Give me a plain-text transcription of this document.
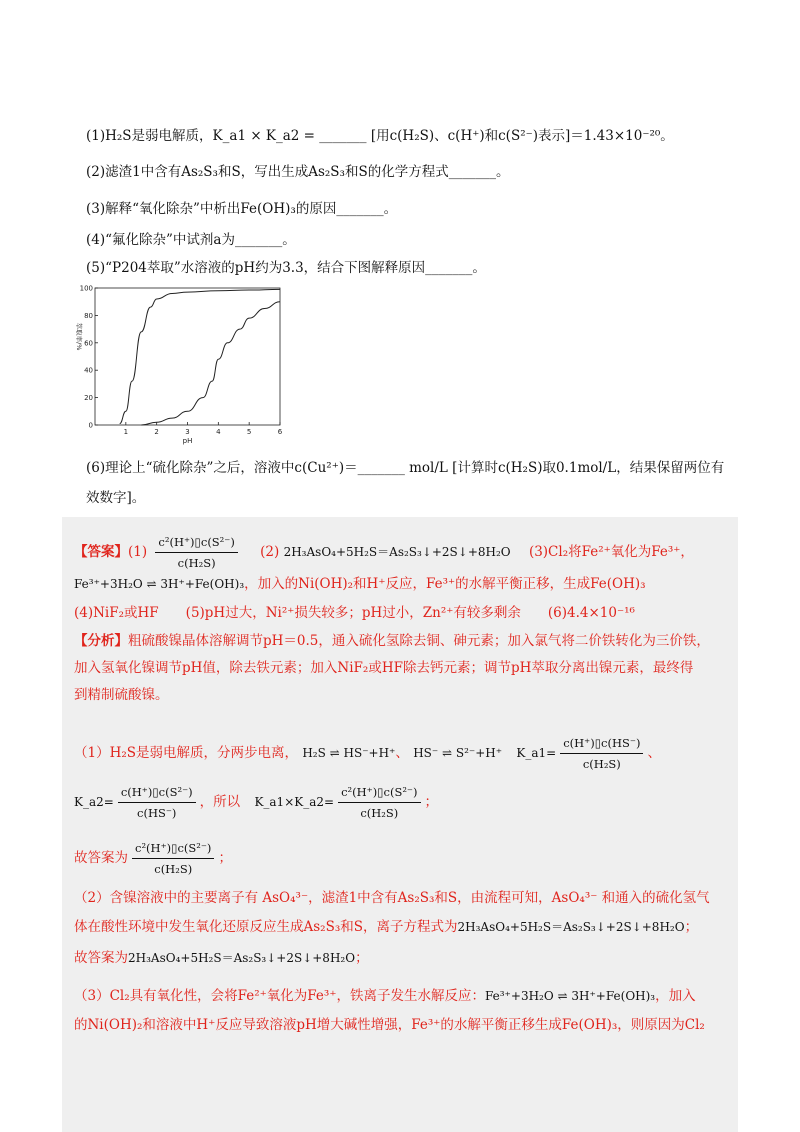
(1)H₂S是弱电解质，K_a1 × K_a2 = _______ [用c(H₂S)、c(H⁺)和c(S²⁻)表示]＝1.43×10⁻²⁰。
(2)滤渣1中含有As₂S₃和S，写出生成As₂S₃和S的化学方程式_______。
(3)解释“氧化除杂”中析出Fe(OH)₃的原因_______。
(4)“氟化除杂”中试剂a为_______。
(5)“P204萃取”水溶液的pH约为3.3，结合下图解释原因_______。
1	2	3	4	5	6
0
20
40
60
80
100
pH
萃取率/%
(6)理论上“硫化除杂”之后，溶液中c(Cu²⁺)＝_______ mol/L [计算时c(H₂S)取0.1mol/L，结果保留两位有
效数字]。
【答案】$(1) \frac{\text{c²(H⁺)▯c(S²⁻)}}{\text{c(H₂S)}} (2)$ 2H₃AsO₄+5H₂S＝As₂S₃↓+2S↓+8H₂O (3)Cl₂将Fe²⁺氧化为Fe³⁺，
Fe³⁺+3H₂O ⇌ 3H⁺+Fe(OH)₃，加入的Ni(OH)₂和H⁺反应，Fe³⁺的水解平衡正移，生成Fe(OH)₃
(4)NiF₂或HF　　(5)pH过大，Ni²⁺损失较多；pH过小，Zn²⁺有较多剩余　　(6)4.4×10⁻¹⁶
【分析】粗硫酸镍晶体溶解调节pH＝0.5，通入硫化氢除去铜、砷元素；加入氯气将二价铁转化为三价铁，
加入氢氧化镍调节pH值，除去铁元素；加入NiF₂或HF除去钙元素；调节pH萃取分离出镍元素，最终得
到精制硫酸镍。
（1）H₂S是弱电解质，分两步电离， H₂S ⇌ HS⁻+H⁺、 HS⁻ ⇌ S²⁻+H⁺ K_a1= $\frac{c(H^+)▯c(HS^-)}{\text{c(H₂S)}}$ 、
K_a2= $\frac{\text{c(H⁺)▯c(S²⁻)}}{c(HS^-)}$ ，所以 K_a1×K_a2= $\frac{\text{c²(H⁺)▯c(S²⁻)}}{\text{c(H₂S)}}$ ；
故答案为 $\frac{\text{c²(H⁺)▯c(S²⁻)}}{\text{c(H₂S)}}$ ；
（2）含镍溶液中的主要离子有 AsO₄³⁻，滤渣1中含有As₂S₃和S，由流程可知，AsO₄³⁻ 和通入的硫化氢气
体在酸性环境中发生氧化还原反应生成As₂S₃和S，离子方程式为2H₃AsO₄+5H₂S＝As₂S₃↓+2S↓+8H₂O；
故答案为2H₃AsO₄+5H₂S＝As₂S₃↓+2S↓+8H₂O；
（3）Cl₂具有氧化性，会将Fe²⁺氧化为Fe³⁺，铁离子发生水解反应：Fe³⁺+3H₂O ⇌ 3H⁺+Fe(OH)₃，加入
的Ni(OH)₂和溶液中H⁺反应导致溶液pH增大碱性增强，Fe³⁺的水解平衡正移生成Fe(OH)₃，则原因为Cl₂
